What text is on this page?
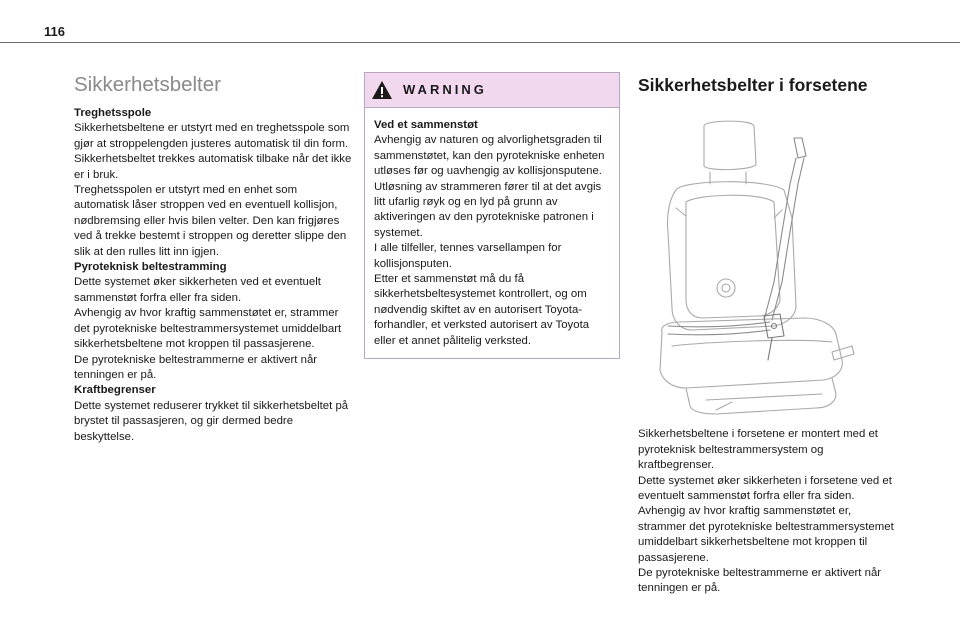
116
Sikkerhetsbelter
Treghetsspole

Sikkerhetsbeltene er utstyrt med en treghetsspole som gjør at stroppelengden justeres automatisk til din form. Sikkerhetsbeltet trekkes automatisk tilbake når det ikke er i bruk.
Treghetsspolen er utstyrt med en enhet som automatisk låser stroppen ved en eventuell kollisjon, nødbremsing eller hvis bilen velter. Den kan frigjøres ved å trekke bestemt i stroppen og deretter slippe den slik at den rulles litt inn igjen.

Pyroteknisk beltestramming

Dette systemet øker sikkerheten ved et eventuelt sammenstøt forfra eller fra siden.
Avhengig av hvor kraftig sammenstøtet er, strammer det pyrotekniske beltestrammersystemet umiddelbart sikkerhetsbeltene mot kroppen til passasjerene.
De pyrotekniske beltestrammerne er aktivert når tenningen er på.

Kraftbegrenser

Dette systemet reduserer trykket til sikkerhetsbeltet på brystet til passasjeren, og gir dermed bedre beskyttelse.

WARNING
Ved et sammenstøt

Avhengig av naturen og alvorlighetsgraden til sammenstøtet, kan den pyrotekniske enheten utløses før og uavhengig av kollisjonsputene. Utløsning av strammeren fører til at det avgis litt ufarlig røyk og en lyd på grunn av aktiveringen av den pyrotekniske patronen i systemet.
I alle tilfeller, tennes varsellampen for kollisjonsputen.
Etter et sammenstøt må du få sikkerhetsbeltesystemet kontrollert, og om nødvendig skiftet av en autorisert Toyota-forhandler, et verksted autorisert av Toyota eller et annet pålitelig verksted.

Sikkerhetsbelter i forsetene

Sikkerhetsbeltene i forsetene er montert med et pyroteknisk beltestrammersystem og kraftbegrenser.
Dette systemet øker sikkerheten i forsetene ved et eventuelt sammenstøt forfra eller fra siden. Avhengig av hvor kraftig sammenstøtet er, strammer det pyrotekniske beltestrammersystemet umiddelbart sikkerhetsbeltene mot kroppen til passasjerene.
De pyrotekniske beltestrammerne er aktivert når tenningen er på.
